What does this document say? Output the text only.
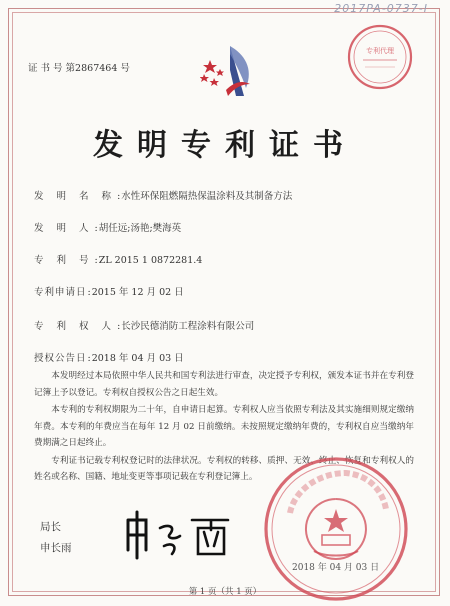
2017PA-0737-I
证 书 号 第2867464 号
专利代理
发明专利证书
发 明 名 称:水性环保阻燃隔热保温涂料及其制备方法
发 明 人:胡任远;汤艳;樊海英
专 利 号:ZL 2015 1 0872281.4
专利申请日:2015 年 12 月 02 日
专 利 权 人:长沙民德消防工程涂料有限公司
授权公告日:2018 年 04 月 03 日

本发明经过本局依照中华人民共和国专利法进行审查，决定授予专利权，颁发本证书并在专利登记簿上予以登记。专利权自授权公告之日起生效。

本专利的专利权期限为二十年，自申请日起算。专利权人应当依照专利法及其实施细则规定缴纳年费。本专利的年费应当在每年 12 月 02 日前缴纳。未按照规定缴纳年费的，专利权自应当缴纳年费期满之日起终止。

专利证书记载专利权登记时的法律状况。专利权的转移、质押、无效、终止、恢复和专利权人的姓名或名称、国籍、地址变更等事项记载在专利登记簿上。

局长
申长雨
2018 年 04 月 03 日
第 1 页（共 1 页）
